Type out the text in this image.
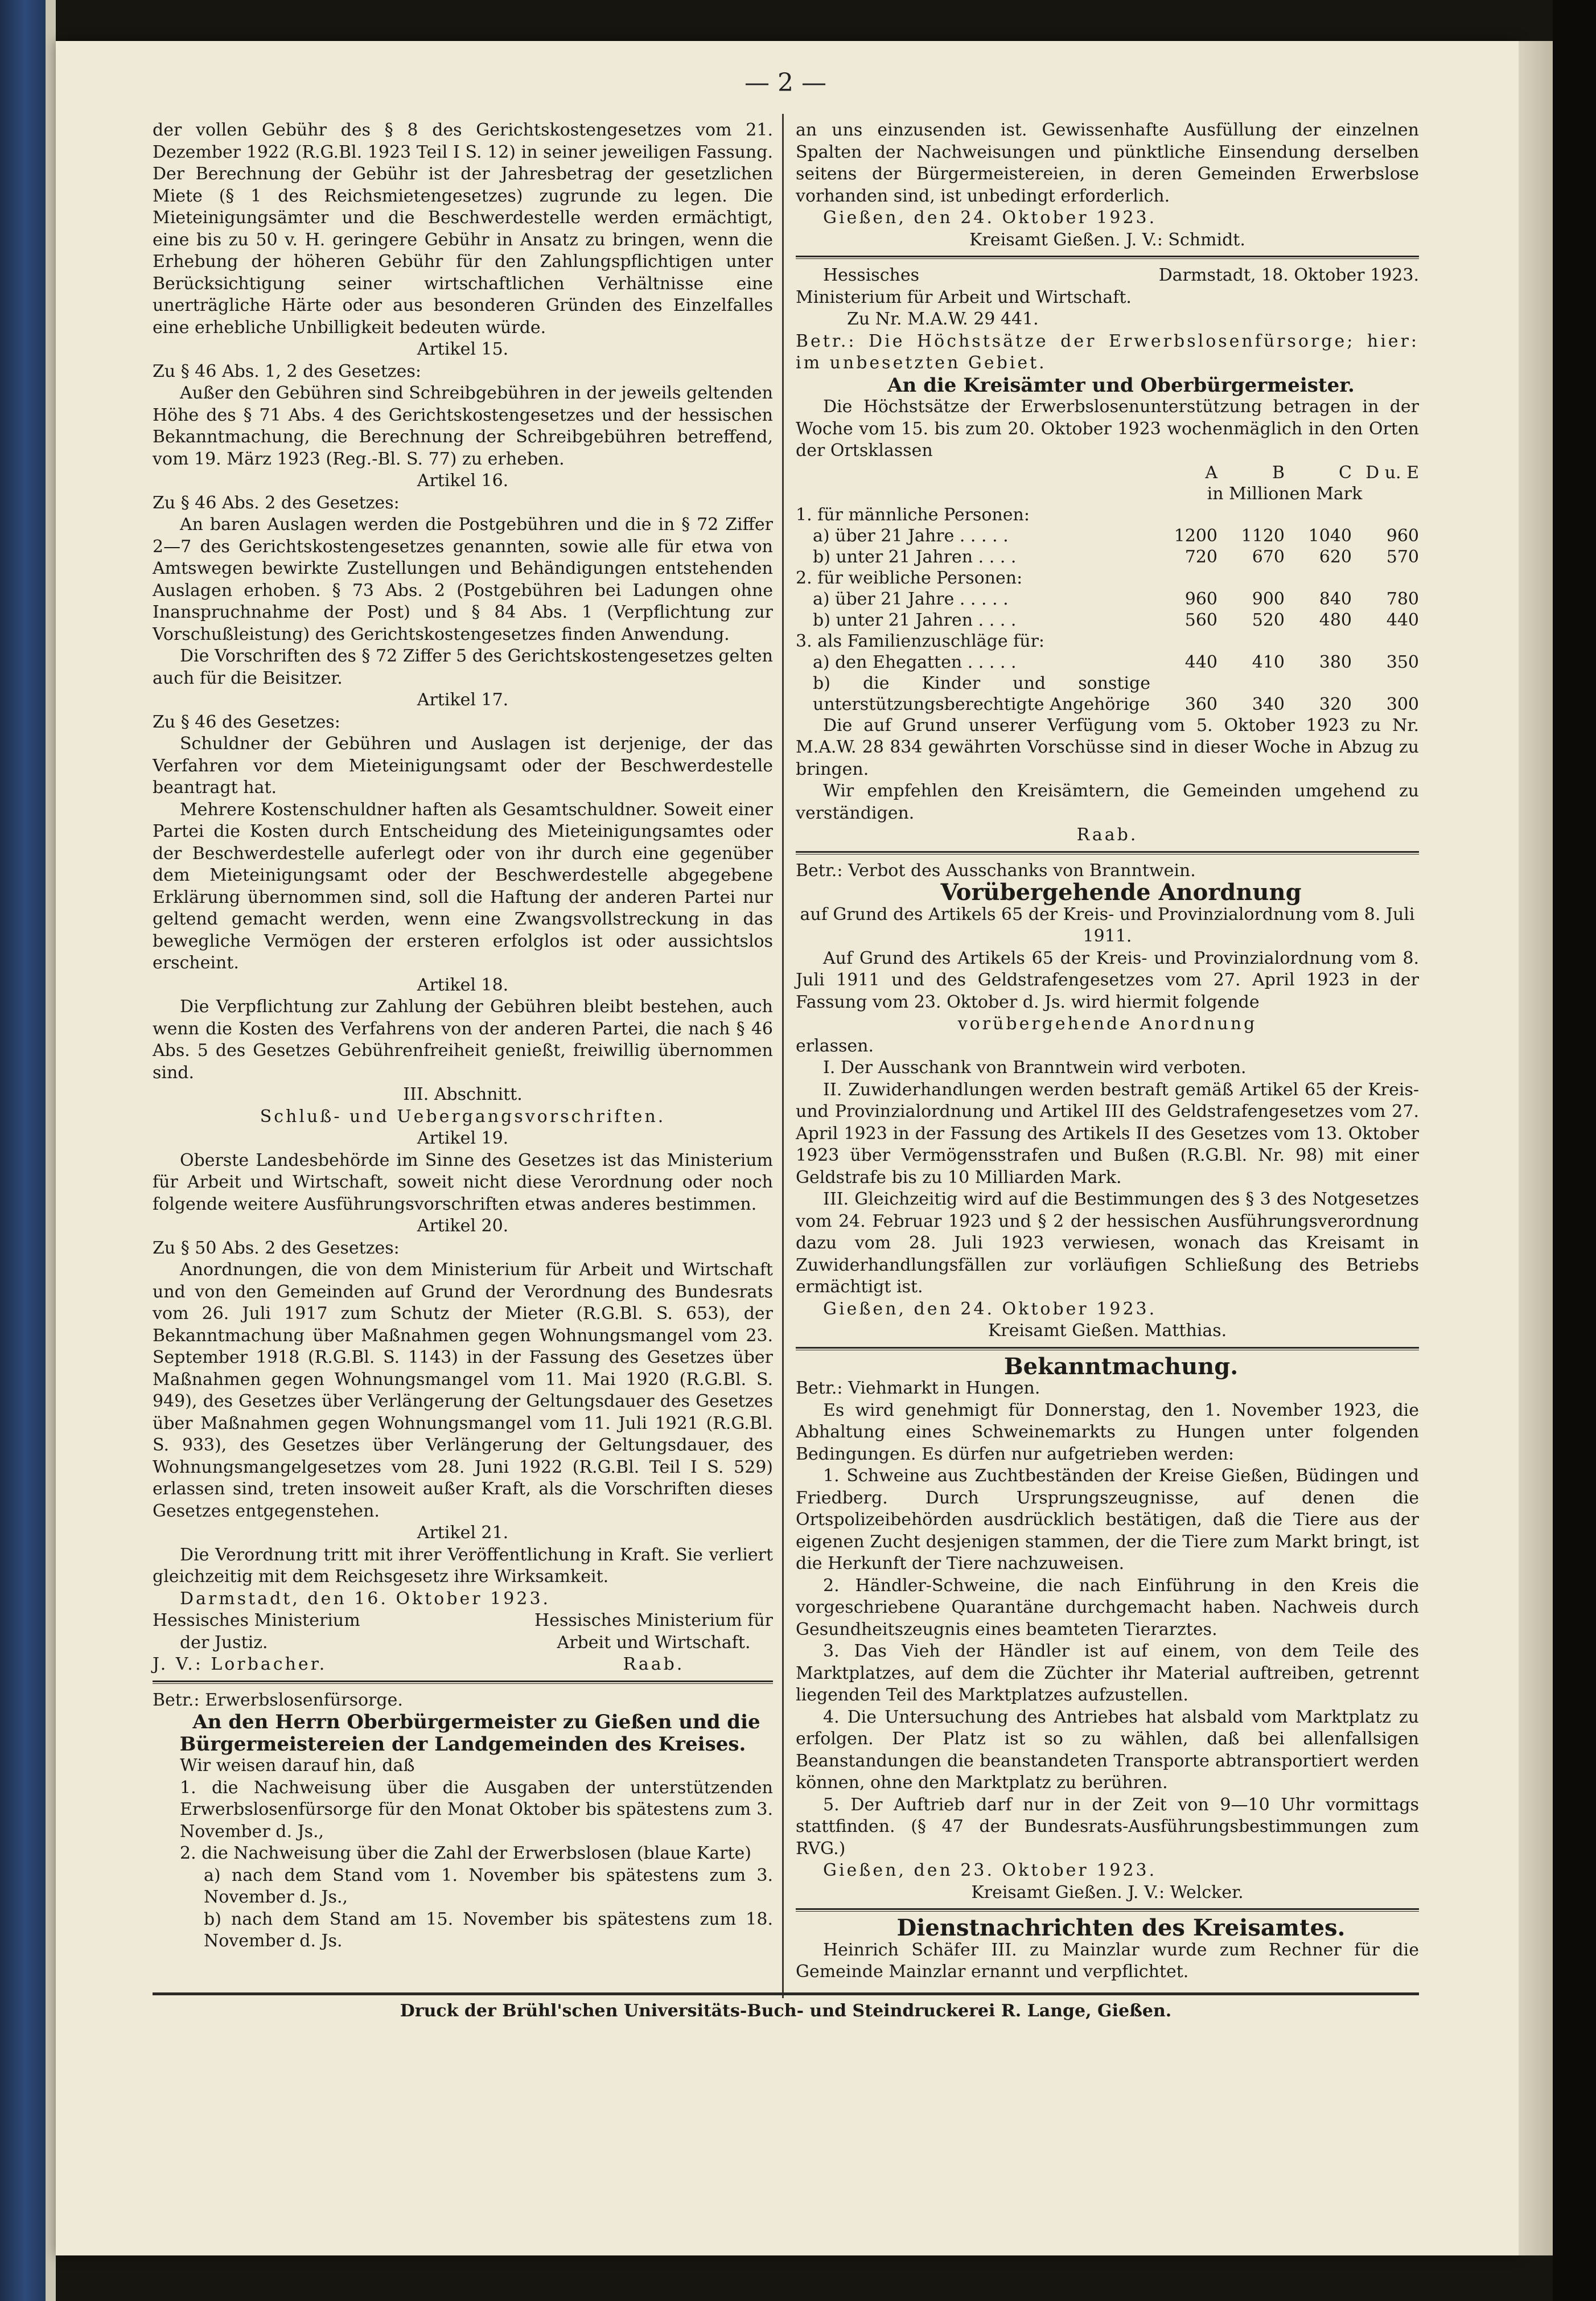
— 2 —

der vollen Gebühr des § 8 des Gerichtskostengesetzes vom 21. Dezember 1922 (R.G.Bl. 1923 Teil I S. 12) in seiner jeweiligen Fassung. Der Berechnung der Gebühr ist der Jahresbetrag der gesetzlichen Miete (§ 1 des Reichsmietengesetzes) zugrunde zu legen. Die Mieteinigungsämter und die Beschwerdestelle werden ermächtigt, eine bis zu 50 v. H. geringere Gebühr in Ansatz zu bringen, wenn die Erhebung der höheren Gebühr für den Zahlungspflichtigen unter Berücksichtigung seiner wirtschaftlichen Verhältnisse eine unerträgliche Härte oder aus besonderen Gründen des Einzelfalles eine erhebliche Unbilligkeit bedeuten würde.

Artikel 15.

Zu § 46 Abs. 1, 2 des Gesetzes:

Außer den Gebühren sind Schreibgebühren in der jeweils geltenden Höhe des § 71 Abs. 4 des Gerichtskostengesetzes und der hessischen Bekanntmachung, die Berechnung der Schreibgebühren betreffend, vom 19. März 1923 (Reg.-Bl. S. 77) zu erheben.

Artikel 16.

Zu § 46 Abs. 2 des Gesetzes:

An baren Auslagen werden die Postgebühren und die in § 72 Ziffer 2—7 des Gerichtskostengesetzes genannten, sowie alle für etwa von Amtswegen bewirkte Zustellungen und Behändigungen entstehenden Auslagen erhoben. § 73 Abs. 2 (Postgebühren bei Ladungen ohne Inanspruchnahme der Post) und § 84 Abs. 1 (Verpflichtung zur Vorschußleistung) des Gerichtskostengesetzes finden Anwendung.

Die Vorschriften des § 72 Ziffer 5 des Gerichtskostengesetzes gelten auch für die Beisitzer.

Artikel 17.

Zu § 46 des Gesetzes:

Schuldner der Gebühren und Auslagen ist derjenige, der das Verfahren vor dem Mieteinigungsamt oder der Beschwerdestelle beantragt hat.

Mehrere Kostenschuldner haften als Gesamtschuldner. Soweit einer Partei die Kosten durch Entscheidung des Mieteinigungsamtes oder der Beschwerdestelle auferlegt oder von ihr durch eine gegenüber dem Mieteinigungsamt oder der Beschwerdestelle abgegebene Erklärung übernommen sind, soll die Haftung der anderen Partei nur geltend gemacht werden, wenn eine Zwangsvollstreckung in das bewegliche Vermögen der ersteren erfolglos ist oder aussichtslos erscheint.

Artikel 18.

Die Verpflichtung zur Zahlung der Gebühren bleibt bestehen, auch wenn die Kosten des Verfahrens von der anderen Partei, die nach § 46 Abs. 5 des Gesetzes Gebührenfreiheit genießt, freiwillig übernommen sind.

III. Abschnitt.

Schluß- und Uebergangsvorschriften.

Artikel 19.

Oberste Landesbehörde im Sinne des Gesetzes ist das Ministerium für Arbeit und Wirtschaft, soweit nicht diese Verordnung oder noch folgende weitere Ausführungsvorschriften etwas anderes bestimmen.

Artikel 20.

Zu § 50 Abs. 2 des Gesetzes:

Anordnungen, die von dem Ministerium für Arbeit und Wirtschaft und von den Gemeinden auf Grund der Verordnung des Bundesrats vom 26. Juli 1917 zum Schutz der Mieter (R.G.Bl. S. 653), der Bekanntmachung über Maßnahmen gegen Wohnungsmangel vom 23. September 1918 (R.G.Bl. S. 1143) in der Fassung des Gesetzes über Maßnahmen gegen Wohnungsmangel vom 11. Mai 1920 (R.G.Bl. S. 949), des Gesetzes über Verlängerung der Geltungsdauer des Gesetzes über Maßnahmen gegen Wohnungsmangel vom 11. Juli 1921 (R.G.Bl. S. 933), des Gesetzes über Verlängerung der Geltungsdauer, des Wohnungsmangelgesetzes vom 28. Juni 1922 (R.G.Bl. Teil I S. 529) erlassen sind, treten insoweit außer Kraft, als die Vorschriften dieses Gesetzes entgegenstehen.

Artikel 21.

Die Verordnung tritt mit ihrer Veröffentlichung in Kraft. Sie verliert gleichzeitig mit dem Reichsgesetz ihre Wirksamkeit.

Darmstadt, den 16. Oktober 1923.

Hessisches Ministerium
der Justiz.
J. V.: Lorbacher.
Hessisches Ministerium für
Arbeit und Wirtschaft.
Raab.

Betr.: Erwerbslosenfürsorge.

An den Herrn Oberbürgermeister zu Gießen und die Bürgermeistereien der Landgemeinden des Kreises.

Wir weisen darauf hin, daß

1. die Nachweisung über die Ausgaben der unterstützenden Erwerbslosenfürsorge für den Monat Oktober bis spätestens zum 3. November d. Js.,

2. die Nachweisung über die Zahl der Erwerbslosen (blaue Karte)

a) nach dem Stand vom 1. November bis spätestens zum 3. November d. Js.,

b) nach dem Stand am 15. November bis spätestens zum 18. November d. Js.

an uns einzusenden ist. Gewissenhafte Ausfüllung der einzelnen Spalten der Nachweisungen und pünktliche Einsendung derselben seitens der Bürgermeistereien, in deren Gemeinden Erwerbslose vorhanden sind, ist unbedingt erforderlich.

Gießen, den 24. Oktober 1923.

Kreisamt Gießen. J. V.: Schmidt.

Hessisches	Darmstadt, 18. Oktober 1923.

Ministerium für Arbeit und Wirtschaft.

Zu Nr. M.A.W. 29 441.

Betr.: Die Höchstsätze der Erwerbslosenfürsorge; hier: im unbesetzten Gebiet.

An die Kreisämter und Oberbürgermeister.

Die Höchstsätze der Erwerbslosenunterstützung betragen in der Woche vom 15. bis zum 20. Oktober 1923 wochenmäglich in den Orten der Ortsklassen

	A	B	C	D u. E
	in Millionen Mark			
1. für männliche Personen:				
a) über 21 Jahre . . . . .	1200	1120	1040	960
b) unter 21 Jahren . . . .	720	670	620	570
2. für weibliche Personen:				
a) über 21 Jahre . . . . .	960	900	840	780
b) unter 21 Jahren . . . .	560	520	480	440
3. als Familienzuschläge für:				
a) den Ehegatten . . . . .	440	410	380	350
b) die Kinder und sonstige unterstützungsberechtigte Angehörige	360	340	320	300

Die auf Grund unserer Verfügung vom 5. Oktober 1923 zu Nr. M.A.W. 28 834 gewährten Vorschüsse sind in dieser Woche in Abzug zu bringen.

Wir empfehlen den Kreisämtern, die Gemeinden umgehend zu verständigen.

Raab.

Betr.: Verbot des Ausschanks von Branntwein.

Vorübergehende Anordnung

auf Grund des Artikels 65 der Kreis- und Provinzialordnung vom 8. Juli 1911.

Auf Grund des Artikels 65 der Kreis- und Provinzialordnung vom 8. Juli 1911 und des Geldstrafengesetzes vom 27. April 1923 in der Fassung vom 23. Oktober d. Js. wird hiermit folgende

vorübergehende Anordnung

erlassen.

I. Der Ausschank von Branntwein wird verboten.

II. Zuwiderhandlungen werden bestraft gemäß Artikel 65 der Kreis- und Provinzialordnung und Artikel III des Geldstrafengesetzes vom 27. April 1923 in der Fassung des Artikels II des Gesetzes vom 13. Oktober 1923 über Vermögensstrafen und Bußen (R.G.Bl. Nr. 98) mit einer Geldstrafe bis zu 10 Milliarden Mark.

III. Gleichzeitig wird auf die Bestimmungen des § 3 des Notgesetzes vom 24. Februar 1923 und § 2 der hessischen Ausführungsverordnung dazu vom 28. Juli 1923 verwiesen, wonach das Kreisamt in Zuwiderhandlungsfällen zur vorläufigen Schließung des Betriebs ermächtigt ist.

Gießen, den 24. Oktober 1923.

Kreisamt Gießen. Matthias.

Bekanntmachung.

Betr.: Viehmarkt in Hungen.

Es wird genehmigt für Donnerstag, den 1. November 1923, die Abhaltung eines Schweinemarkts zu Hungen unter folgenden Bedingungen. Es dürfen nur aufgetrieben werden:

1. Schweine aus Zuchtbeständen der Kreise Gießen, Büdingen und Friedberg. Durch Ursprungszeugnisse, auf denen die Ortspolizeibehörden ausdrücklich bestätigen, daß die Tiere aus der eigenen Zucht desjenigen stammen, der die Tiere zum Markt bringt, ist die Herkunft der Tiere nachzuweisen.

2. Händler-Schweine, die nach Einführung in den Kreis die vorgeschriebene Quarantäne durchgemacht haben. Nachweis durch Gesundheitszeugnis eines beamteten Tierarztes.

3. Das Vieh der Händler ist auf einem, von dem Teile des Marktplatzes, auf dem die Züchter ihr Material auftreiben, getrennt liegenden Teil des Marktplatzes aufzustellen.

4. Die Untersuchung des Antriebes hat alsbald vom Marktplatz zu erfolgen. Der Platz ist so zu wählen, daß bei allenfallsigen Beanstandungen die beanstandeten Transporte abtransportiert werden können, ohne den Marktplatz zu berühren.

5. Der Auftrieb darf nur in der Zeit von 9—10 Uhr vormittags stattfinden. (§ 47 der Bundesrats-Ausführungsbestimmungen zum RVG.)

Gießen, den 23. Oktober 1923.

Kreisamt Gießen. J. V.: Welcker.

Dienstnachrichten des Kreisamtes.

Heinrich Schäfer III. zu Mainzlar wurde zum Rechner für die Gemeinde Mainzlar ernannt und verpflichtet.

Druck der Brühl'schen Universitäts-Buch- und Steindruckerei R. Lange, Gießen.
